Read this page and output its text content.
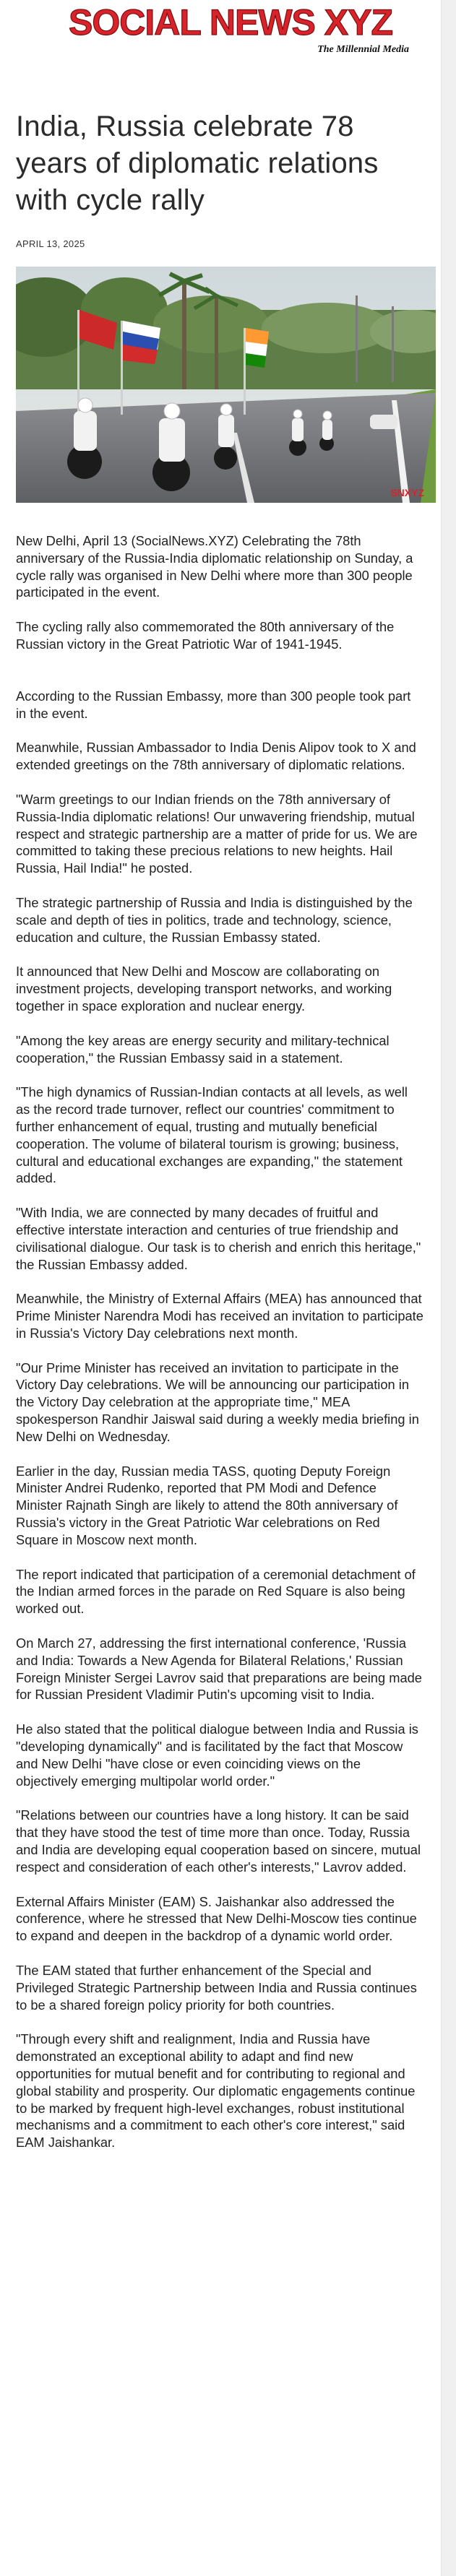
SOCIAL NEWS XYZ
The Millennial Media
India, Russia celebrate 78 years of diplomatic relations with cycle rally
APRIL 13, 2025
SNXYZ

New Delhi, April 13 (SocialNews.XYZ) Celebrating the 78th anniversary of the Russia-India diplomatic relationship on Sunday, a cycle rally was organised in New Delhi where more than 300 people participated in the event.

The cycling rally also commemorated the 80th anniversary of the Russian victory in the Great Patriotic War of 1941-1945.

According to the Russian Embassy, more than 300 people took part in the event.

Meanwhile, Russian Ambassador to India Denis Alipov took to X and extended greetings on the 78th anniversary of diplomatic relations.

"Warm greetings to our Indian friends on the 78th anniversary of Russia-India diplomatic relations! Our unwavering friendship, mutual respect and strategic partnership are a matter of pride for us. We are committed to taking these precious relations to new heights. Hail Russia, Hail India!" he posted.

The strategic partnership of Russia and India is distinguished by the scale and depth of ties in politics, trade and technology, science, education and culture, the Russian Embassy stated.

It announced that New Delhi and Moscow are collaborating on investment projects, developing transport networks, and working together in space exploration and nuclear energy.

"Among the key areas are energy security and military-technical cooperation," the Russian Embassy said in a statement.

"The high dynamics of Russian-Indian contacts at all levels, as well as the record trade turnover, reflect our countries' commitment to further enhancement of equal, trusting and mutually beneficial cooperation. The volume of bilateral tourism is growing; business, cultural and educational exchanges are expanding," the statement added.

"With India, we are connected by many decades of fruitful and effective interstate interaction and centuries of true friendship and civilisational dialogue. Our task is to cherish and enrich this heritage," the Russian Embassy added.

Meanwhile, the Ministry of External Affairs (MEA) has announced that Prime Minister Narendra Modi has received an invitation to participate in Russia's Victory Day celebrations next month.

"Our Prime Minister has received an invitation to participate in the Victory Day celebrations. We will be announcing our participation in the Victory Day celebration at the appropriate time," MEA spokesperson Randhir Jaiswal said during a weekly media briefing in New Delhi on Wednesday.

Earlier in the day, Russian media TASS, quoting Deputy Foreign Minister Andrei Rudenko, reported that PM Modi and Defence Minister Rajnath Singh are likely to attend the 80th anniversary of Russia's victory in the Great Patriotic War celebrations on Red Square in Moscow next month.

The report indicated that participation of a ceremonial detachment of the Indian armed forces in the parade on Red Square is also being worked out.

On March 27, addressing the first international conference, 'Russia and India: Towards a New Agenda for Bilateral Relations,' Russian Foreign Minister Sergei Lavrov said that preparations are being made for Russian President Vladimir Putin's upcoming visit to India.

He also stated that the political dialogue between India and Russia is "developing dynamically" and is facilitated by the fact that Moscow and New Delhi "have close or even coinciding views on the objectively emerging multipolar world order."

"Relations between our countries have a long history. It can be said that they have stood the test of time more than once. Today, Russia and India are developing equal cooperation based on sincere, mutual respect and consideration of each other's interests," Lavrov added.

External Affairs Minister (EAM) S. Jaishankar also addressed the conference, where he stressed that New Delhi-Moscow ties continue to expand and deepen in the backdrop of a dynamic world order.

The EAM stated that further enhancement of the Special and Privileged Strategic Partnership between India and Russia continues to be a shared foreign policy priority for both countries.

"Through every shift and realignment, India and Russia have demonstrated an exceptional ability to adapt and find new opportunities for mutual benefit and for contributing to regional and global stability and prosperity. Our diplomatic engagements continue to be marked by frequent high-level exchanges, robust institutional mechanisms and a commitment to each other's core interest," said EAM Jaishankar.
